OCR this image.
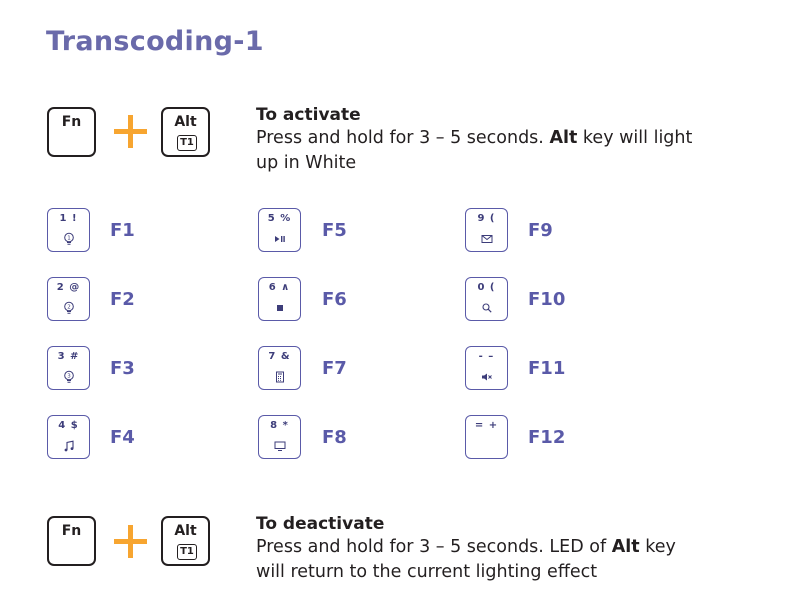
Transcoding-1
Fn	Alt
T1
To activate
Press and hold for 3 – 5 seconds. Alt key will light
up in White
1 !
1 F1
2 @
2 F2
3 #
3 F3
4 $
F4
5 %
F5
6 ∧
F6
7 &
F7
8 *
F8
9 (
F9
0 (
F10
- –
F11
= +
F12
Fn	Alt
T1
To deactivate
Press and hold for 3 – 5 seconds. LED of Alt key
will return to the current lighting effect
